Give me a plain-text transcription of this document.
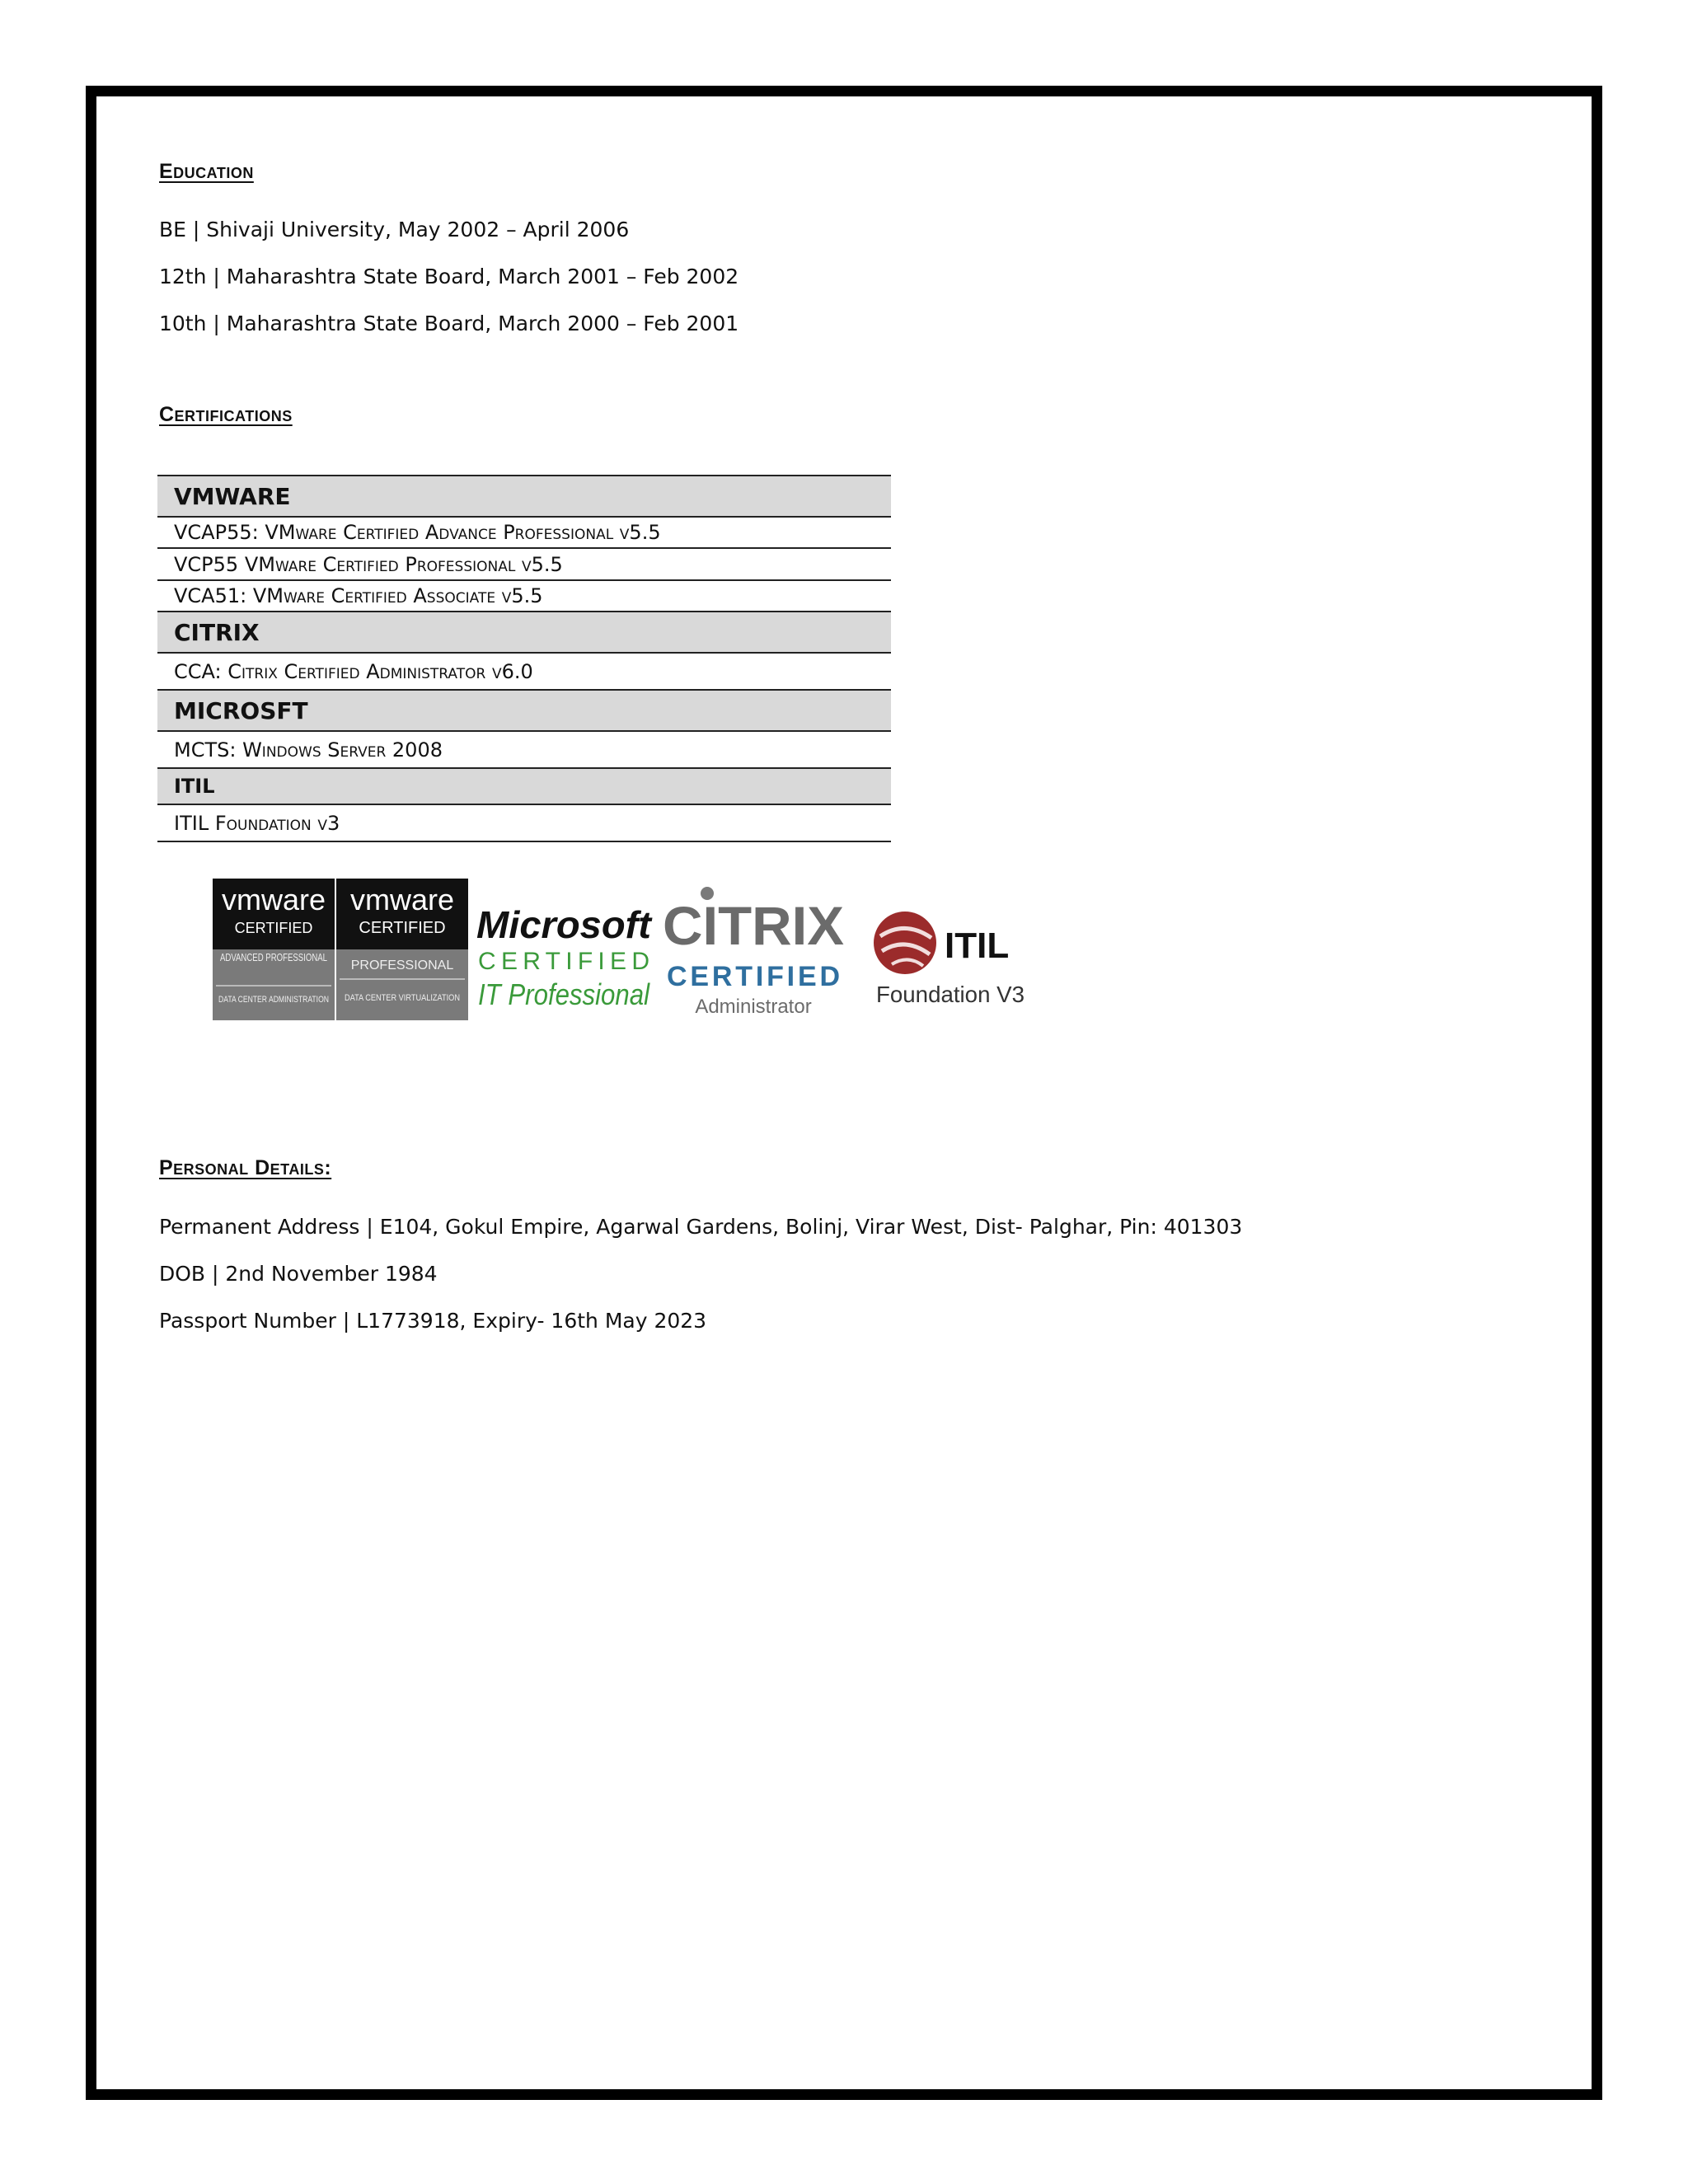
Education

BE | Shivaji University, May 2002 – April 2006

12th | Maharashtra State Board, March 2001 – Feb 2002

10th | Maharashtra State Board, March 2000 – Feb 2001

Certifications
VMWARE
VCAP55: VMware Certified Advance Professional v5.5
VCP55 VMware Certified Professional v5.5
VCA51: VMware Certified Associate v5.5
CITRIX
CCA: Citrix Certified Administrator v6.0
MICROSFT
MCTS: Windows Server 2008
ITIL
ITIL Foundation v3
vmware
CERTIFIED
ADVANCED PROFESSIONAL
DATA CENTER ADMINISTRATION
vmware
CERTIFIED
PROFESSIONAL
DATA CENTER VIRTUALIZATION
Microsoft
CERTIFIED
IT Professional
CITRIX
CERTIFIED
Administrator
ITIL
Foundation V3
Personal Details:

Permanent Address | E104, Gokul Empire, Agarwal Gardens, Bolinj, Virar West, Dist- Palghar, Pin: 401303

DOB | 2nd November 1984

Passport Number | L1773918, Expiry- 16th May 2023
